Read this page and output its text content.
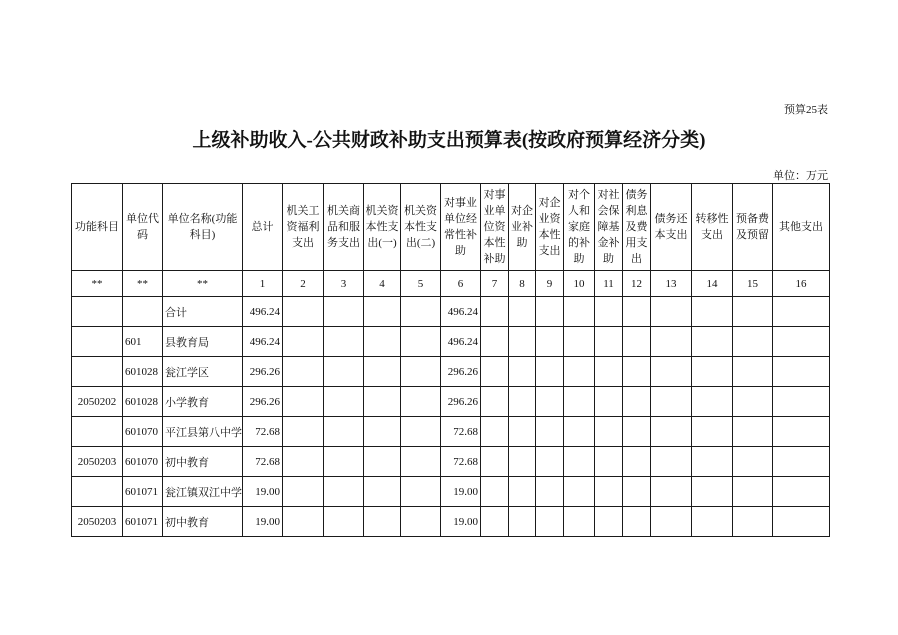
预算25表
上级补助收入-公共财政补助支出预算表(按政府预算经济分类)
单位：万元
功能科目	单位代码	单位名称(功能科目)	总计	机关工资福利支出	机关商品和服务支出	机关资本性支出(一)	机关资本性支出(二)	对事业单位经常性补助	对事业单位资本性补助	对企业补助	对企业资本性支出	对个人和家庭的补助	对社会保障基金补助	债务利息及费用支出	债务还本支出	转移性支出	预备费及预留	其他支出
**	**	**	1	2	3	4	5	6	7	8	9	10	11	12	13	14	15	16
		合计	496.24					496.24										
	601	县教育局	496.24					496.24										
	601028	瓮江学区	296.26					296.26										
2050202	601028	小学教育	296.26					296.26										
	601070	平江县第八中学	72.68					72.68										
2050203	601070	初中教育	72.68					72.68										
	601071	瓮江镇双江中学	19.00					19.00										
2050203	601071	初中教育	19.00					19.00										
